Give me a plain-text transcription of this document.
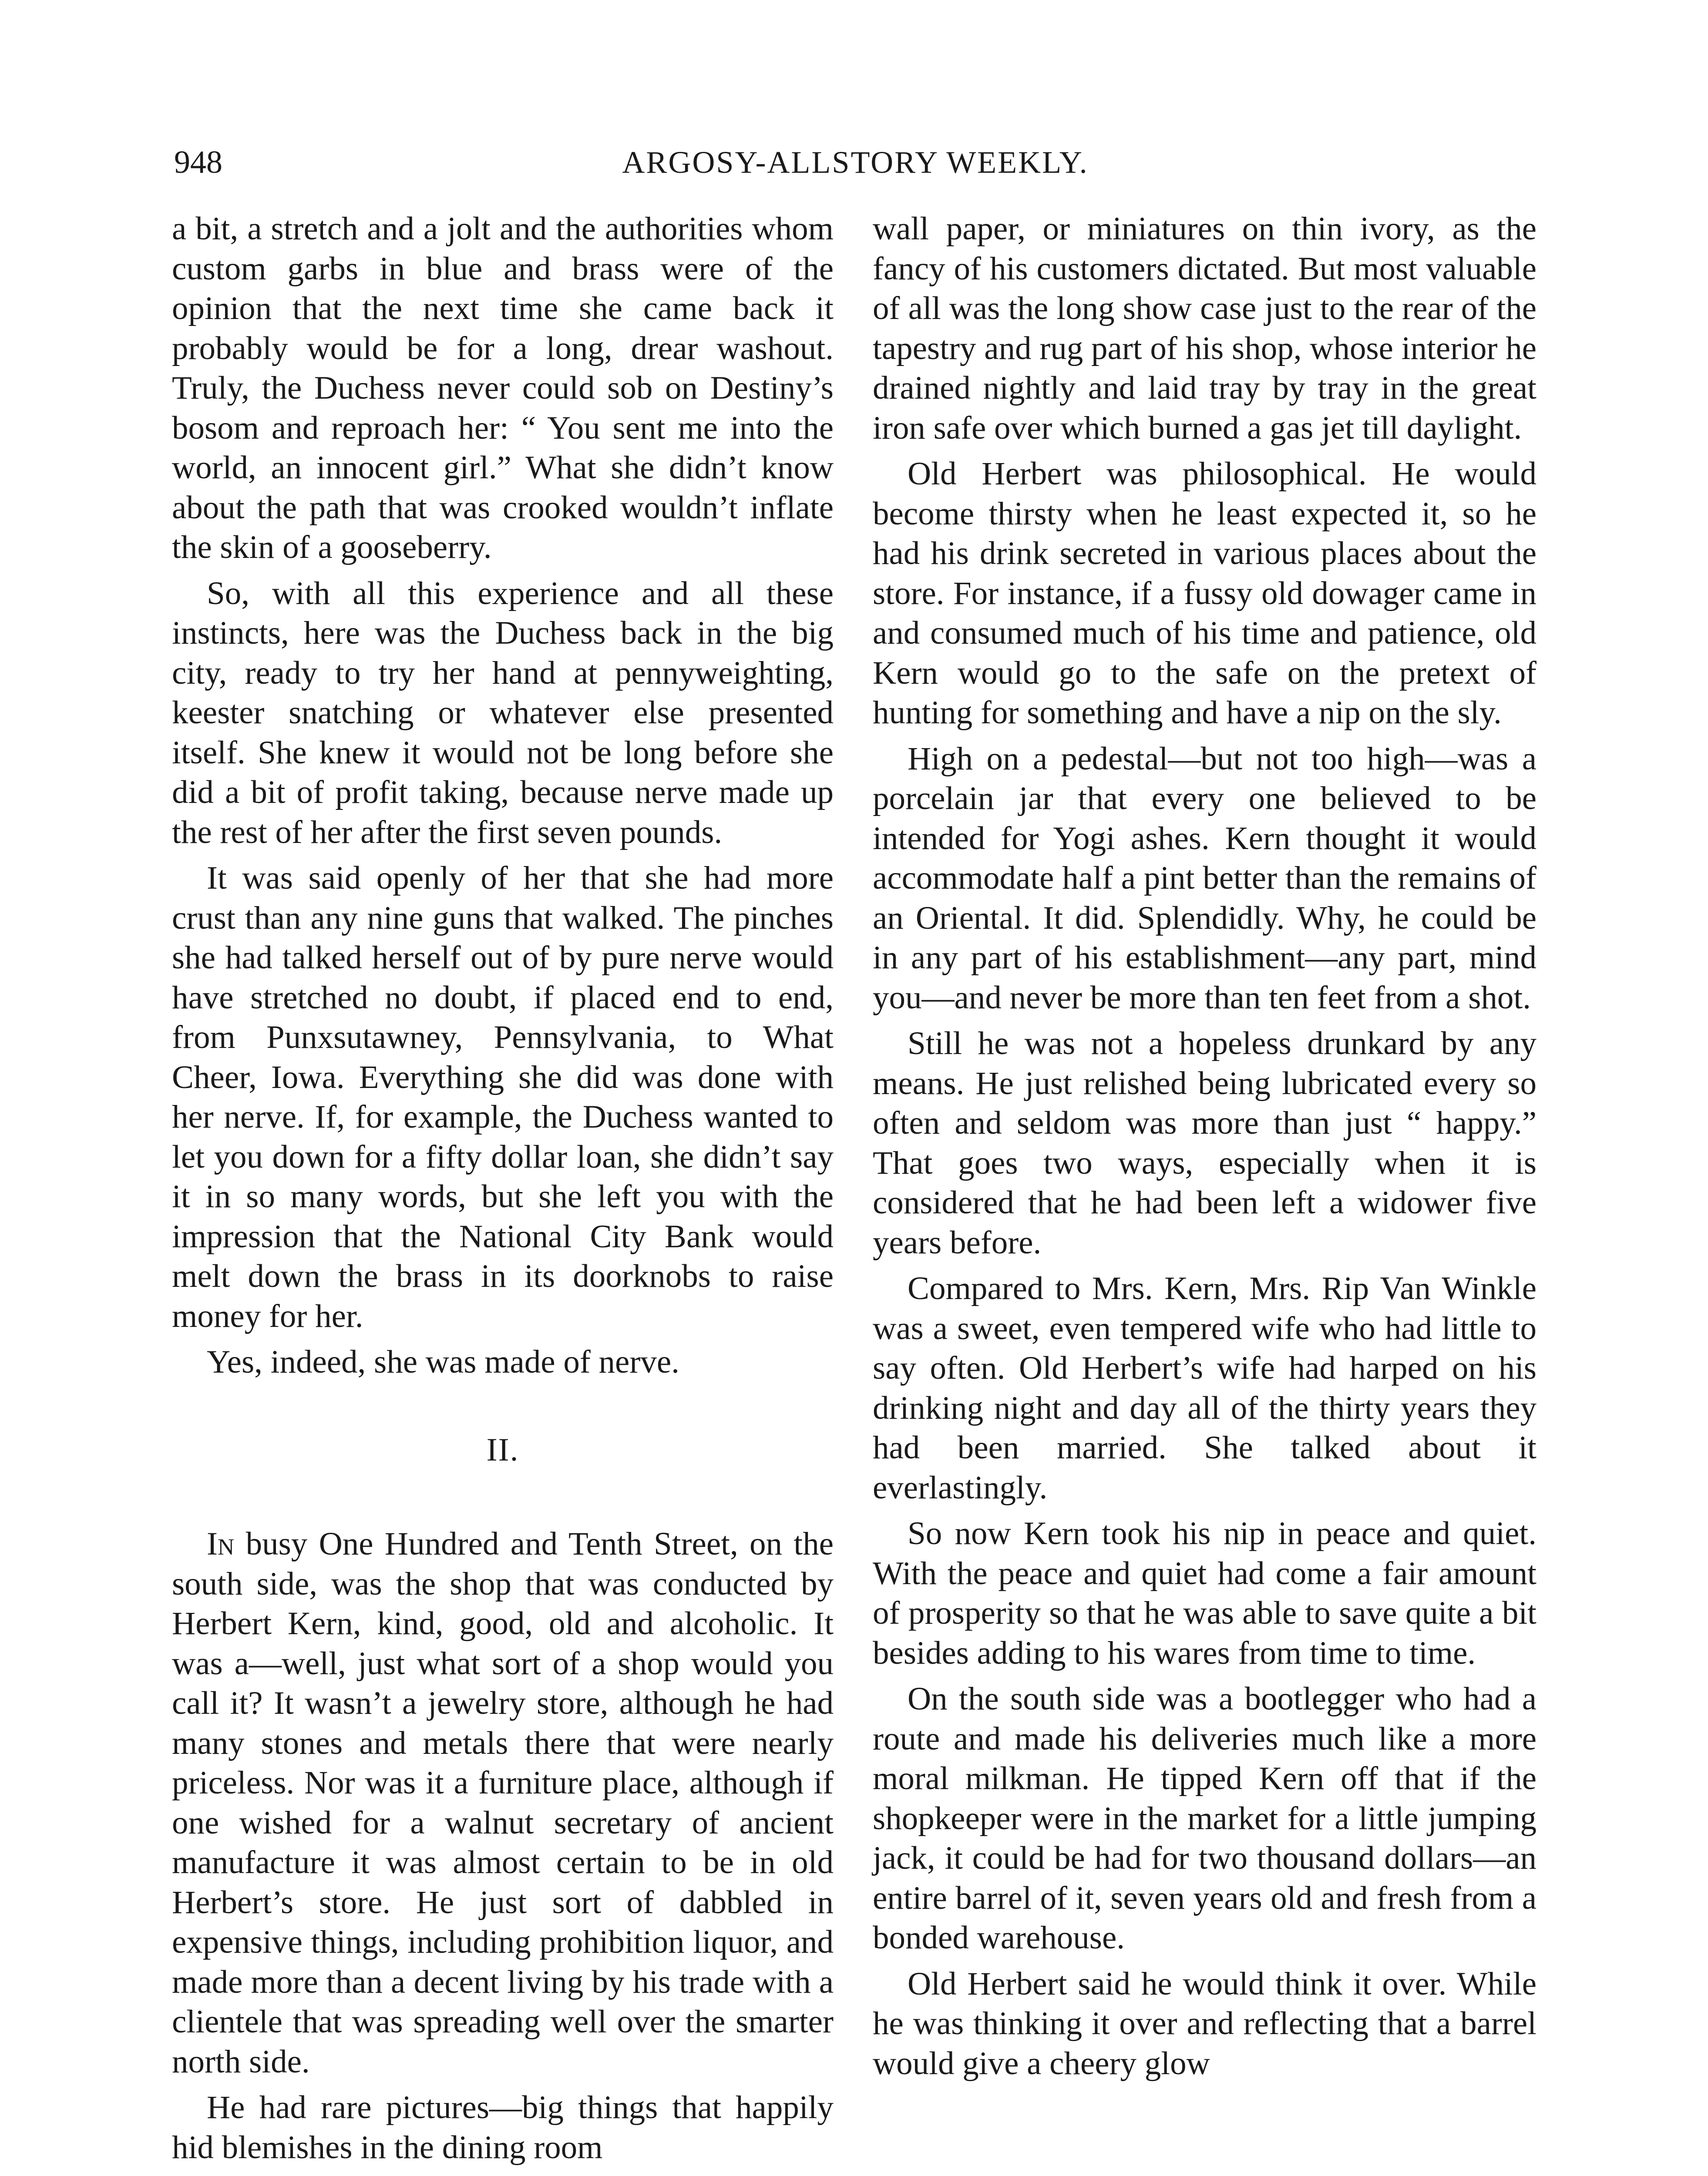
948	ARGOSY-ALLSTORY WEEKLY.

a bit, a stretch and a jolt and the authorities whom custom garbs in blue and brass were of the opinion that the next time she came back it probably would be for a long, drear washout. Truly, the Duchess never could sob on Destiny’s bosom and reproach her: “ You sent me into the world, an innocent girl.” What she didn’t know about the path that was crooked wouldn’t inflate the skin of a gooseberry.

So, with all this experience and all these instincts, here was the Duchess back in the big city, ready to try her hand at pennyweighting, keester snatching or whatever else presented itself. She knew it would not be long before she did a bit of profit taking, because nerve made up the rest of her after the first seven pounds.

It was said openly of her that she had more crust than any nine guns that walked. The pinches she had talked herself out of by pure nerve would have stretched no doubt, if placed end to end, from Punxsutawney, Pennsylvania, to What Cheer, Iowa. Everything she did was done with her nerve. If, for example, the Duchess wanted to let you down for a fifty dollar loan, she didn’t say it in so many words, but she left you with the impression that the National City Bank would melt down the brass in its doorknobs to raise money for her.

Yes, indeed, she was made of nerve.

II.

In busy One Hundred and Tenth Street, on the south side, was the shop that was conducted by Herbert Kern, kind, good, old and alcoholic. It was a—well, just what sort of a shop would you call it? It wasn’t a jewelry store, although he had many stones and metals there that were nearly priceless. Nor was it a furniture place, although if one wished for a walnut secretary of ancient manufacture it was almost certain to be in old Herbert’s store. He just sort of dabbled in expensive things, including prohibition liquor, and made more than a decent living by his trade with a clientele that was spreading well over the smarter north side.

He had rare pictures—big things that happily hid blemishes in the dining room

wall paper, or miniatures on thin ivory, as the fancy of his customers dictated. But most valuable of all was the long show case just to the rear of the tapestry and rug part of his shop, whose interior he drained nightly and laid tray by tray in the great iron safe over which burned a gas jet till daylight.

Old Herbert was philosophical. He would become thirsty when he least expected it, so he had his drink secreted in various places about the store. For instance, if a fussy old dowager came in and consumed much of his time and patience, old Kern would go to the safe on the pretext of hunting for something and have a nip on the sly.

High on a pedestal—but not too high—was a porcelain jar that every one believed to be intended for Yogi ashes. Kern thought it would accommodate half a pint better than the remains of an Oriental. It did. Splendidly. Why, he could be in any part of his establishment—any part, mind you—and never be more than ten feet from a shot.

Still he was not a hopeless drunkard by any means. He just relished being lubricated every so often and seldom was more than just “ happy.” That goes two ways, especially when it is considered that he had been left a widower five years before.

Compared to Mrs. Kern, Mrs. Rip Van Winkle was a sweet, even tempered wife who had little to say often. Old Herbert’s wife had harped on his drinking night and day all of the thirty years they had been married. She talked about it everlastingly.

So now Kern took his nip in peace and quiet. With the peace and quiet had come a fair amount of prosperity so that he was able to save quite a bit besides adding to his wares from time to time.

On the south side was a bootlegger who had a route and made his deliveries much like a more moral milkman. He tipped Kern off that if the shopkeeper were in the market for a little jumping jack, it could be had for two thousand dollars—an entire barrel of it, seven years old and fresh from a bonded warehouse.

Old Herbert said he would think it over. While he was thinking it over and reflecting that a barrel would give a cheery glow
